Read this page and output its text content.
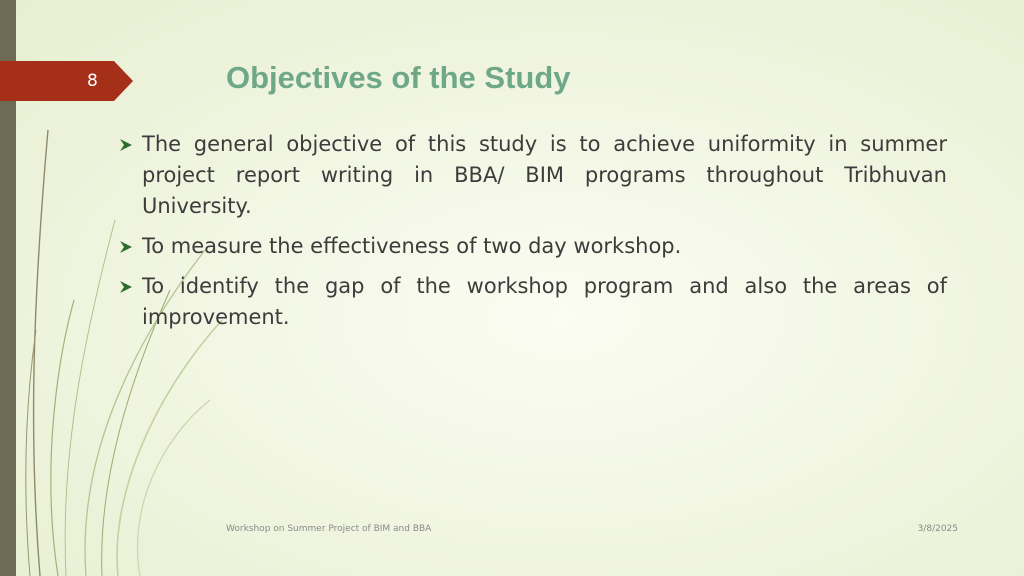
8	Objectives of the Study
The general objective of this study is to achieve uniformity in summer project report writing in BBA/ BIM programs throughout Tribhuvan University.
To measure the effectiveness of two day workshop.
To identify the gap of the workshop program and also the areas of improvement.
Workshop on Summer Project of BIM and BBA	3/8/2025
